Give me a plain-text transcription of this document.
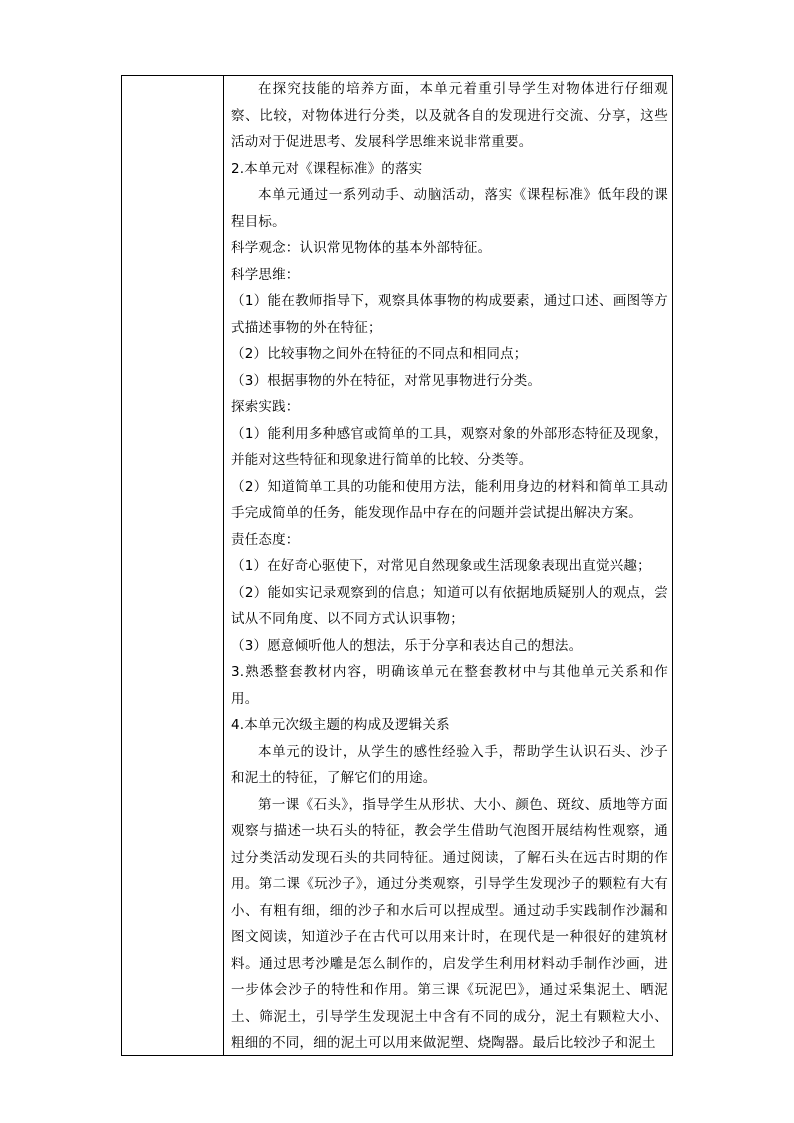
在探究技能的培养方面，本单元着重引导学生对物体进行仔细观察、比较，对物体进行分类，以及就各自的发现进行交流、分享，这些活动对于促进思考、发展科学思维来说非常重要。

2.本单元对《课程标准》的落实

本单元通过一系列动手、动脑活动，落实《课程标准》低年段的课程目标。

科学观念：认识常见物体的基本外部特征。

科学思维：

（1）能在教师指导下，观察具体事物的构成要素，通过口述、画图等方式描述事物的外在特征；

（2）比较事物之间外在特征的不同点和相同点；

（3）根据事物的外在特征，对常见事物进行分类。

探索实践：

（1）能利用多种感官或简单的工具，观察对象的外部形态特征及现象，并能对这些特征和现象进行简单的比较、分类等。

（2）知道简单工具的功能和使用方法，能利用身边的材料和简单工具动手完成简单的任务，能发现作品中存在的问题并尝试提出解决方案。

责任态度：

（1）在好奇心驱使下，对常见自然现象或生活现象表现出直觉兴趣；

（2）能如实记录观察到的信息；知道可以有依据地质疑别人的观点，尝试从不同角度、以不同方式认识事物；

（3）愿意倾听他人的想法，乐于分享和表达自己的想法。

3.熟悉整套教材内容，明确该单元在整套教材中与其他单元关系和作用。

4.本单元次级主题的构成及逻辑关系

本单元的设计，从学生的感性经验入手，帮助学生认识石头、沙子和泥土的特征，了解它们的用途。

第一课《石头》，指导学生从形状、大小、颜色、斑纹、质地等方面观察与描述一块石头的特征，教会学生借助气泡图开展结构性观察，通过分类活动发现石头的共同特征。通过阅读，了解石头在远古时期的作用。第二课《玩沙子》，通过分类观察，引导学生发现沙子的颗粒有大有小、有粗有细，细的沙子和水后可以捏成型。通过动手实践制作沙漏和图文阅读，知道沙子在古代可以用来计时，在现代是一种很好的建筑材料。通过思考沙雕是怎么制作的，启发学生利用材料动手制作沙画，进一步体会沙子的特性和作用。第三课《玩泥巴》，通过采集泥土、晒泥土、筛泥土，引导学生发现泥土中含有不同的成分，泥土有颗粒大小、粗细的不同，细的泥土可以用来做泥塑、烧陶器。最后比较沙子和泥土
